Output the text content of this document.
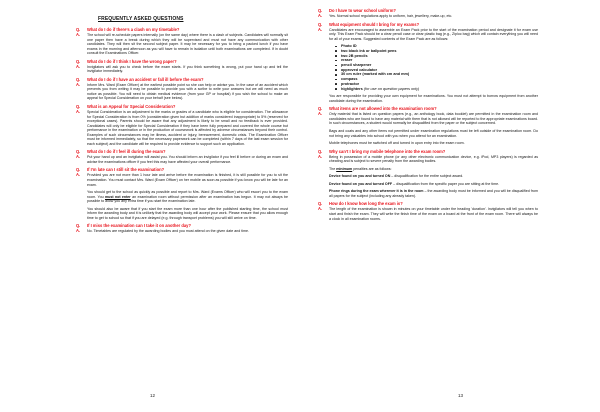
FREQUENTLY ASKED QUESTIONS
Q. What do I do if there’s a clash on my timetable?
A. The school will re-schedule papers internally (on the same day) where there is a clash of subjects. Candidates will normally sit one paper then have a break during which they will be supervised and must not have any communication with other candidates. They will then sit the second subject paper. It may be necessary for you to bring a packed lunch if you have exams in the morning and afternoon as you will have to remain in isolation until both examinations are completed. If in doubt consult the Examinations Officer.

Q. What do I do if I think I have the wrong paper?
A. Invigilators will ask you to check before the exam starts. If you think something is wrong, put your hand up and tell the invigilator immediately.

Q. What do I do if I have an accident or fall ill before the exam?
A. Inform Mrs. Ward (Exam Officer) at the earliest possible point so she can help or advise you. In the case of an accident which prevents you from writing it may be possible to provide you with a scribe to write your answers but we will need as much notice as possible. You will need to obtain medical evidence (from your GP or hospital) if you wish the school to make an appeal for Special Consideration on your behalf (see below).

Q. What is an Appeal for Special Consideration?
A. Special Consideration is an adjustment to the marks or grades of a candidate who is eligible for consideration. The allowance for Special Consideration is from 0% (consideration given but addition of marks considered inappropriate) to 5% (reserved for exceptional cases). Parents should be aware that any adjustment is likely to be small and no feedback is ever provided. Candidates will only be eligible for Special Consideration if they have been fully prepared and covered the whole course but performance in the examination or in the production of coursework is affected by adverse circumstances beyond their control. Examples of such circumstances may be illness, accident or injury, bereavement, domestic crisis. The Examination Officer must be informed immediately, so that the necessary paperwork can be completed (within 7 days of the last exam session for each subject) and the candidate will be required to provide evidence to support such an application.

Q. What do I do if I feel ill during the exam?
A. Put your hand up and an invigilator will assist you. You should inform an invigilator if you feel ill before or during an exam and advise the examinations officer if you feel this may have affected your overall performance.

Q. If I’m late can I still sit the examination?
A. Provided you are not more than 1 hour late and arrive before the examination is finished, it is still possible for you to sit the examination. You must contact Mrs. Ward (Exam Officer) on her mobile as soon as possible if you know you will be late for an exam.

You should get to the school as quickly as possible and report to Mrs. Ward (Exams Officer) who will escort you to the exam room. You must not enter an examination room without permission after an examination has begun. It may not always be possible to allow you any extra time if you start the examination late.

You should also be aware that if you start the exam more than one hour after the published starting time, the school must inform the awarding body and it is unlikely that the awarding body will accept your work. Please ensure that you allow enough time to get to school so that if you are delayed (e.g. through transport problems) you will still arrive on time.

Q. If I miss the examination can I take it on another day?
A. No. Timetables are regulated by the awarding bodies and you must attend on the given date and time.

12
Q. Do I have to wear school uniform?
A. Yes. Normal school regulations apply to uniform, hair, jewellery, make-up, etc.

Q. What equipment should I bring for my exams?
A. Candidates are encouraged to assemble an Exam Pack prior to the start of the examination period and designate it for exam use only. This Exam Pack should be a clear pencil case or clear plastic bag (e.g., Ziploc bag) which will contain everything you will need for all of your exams. Suggested contents of the Exam Pack are as follows:

Photo ID
two black ink or ballpoint pens
two 2B pencils
eraser
pencil sharpener
approved calculator
30 cm ruler (marked with cm and mm)
compass
protractor
highlighters (for use on question papers only)

You are responsible for providing your own equipment for examinations. You must not attempt to borrow equipment from another candidate during the examination.

Q. What items are not allowed into the examination room?
A. Only material that is listed on question papers (e.g., an anthology book, data booklet) are permitted in the examination room and candidates who are found to have any material with them that is not allowed will be reported to the appropriate examinations board. In such circumstances, a student would normally be disqualified from the paper or the subject concerned.

Bags and coats and any other items not permitted under examination regulations must be left outside of the examination room. Do not bring any valuables into school with you when you attend for an examination.

Mobile telephones must be switched off and turned in upon entry into the exam room.

Q. Why can’t I bring my mobile telephone into the exam room?
A. Being in possession of a mobile phone (or any other electronic communication device, e.g. iPod, MP3 players) is regarded as cheating and is subject to severe penalty from the awarding bodies.

The minimum penalties are as follows:

Device found on you and turned ON – disqualification for the entire subject award.

Device found on you and turned OFF – disqualification from the specific paper you are sitting at the time.

Phone rings during the exam wherever it is in the room – the awarding body must be informed and you will be disqualified from all papers for the subject (including any already taken).

Q. How do I know how long the exam is?
A. The length of the examination is shown in minutes on your timetable under the heading 'duration'. Invigilators will tell you when to start and finish the exam. They will write the finish time of the exam on a board at the front of the exam room. There will always be a clock in all examination rooms.

13
